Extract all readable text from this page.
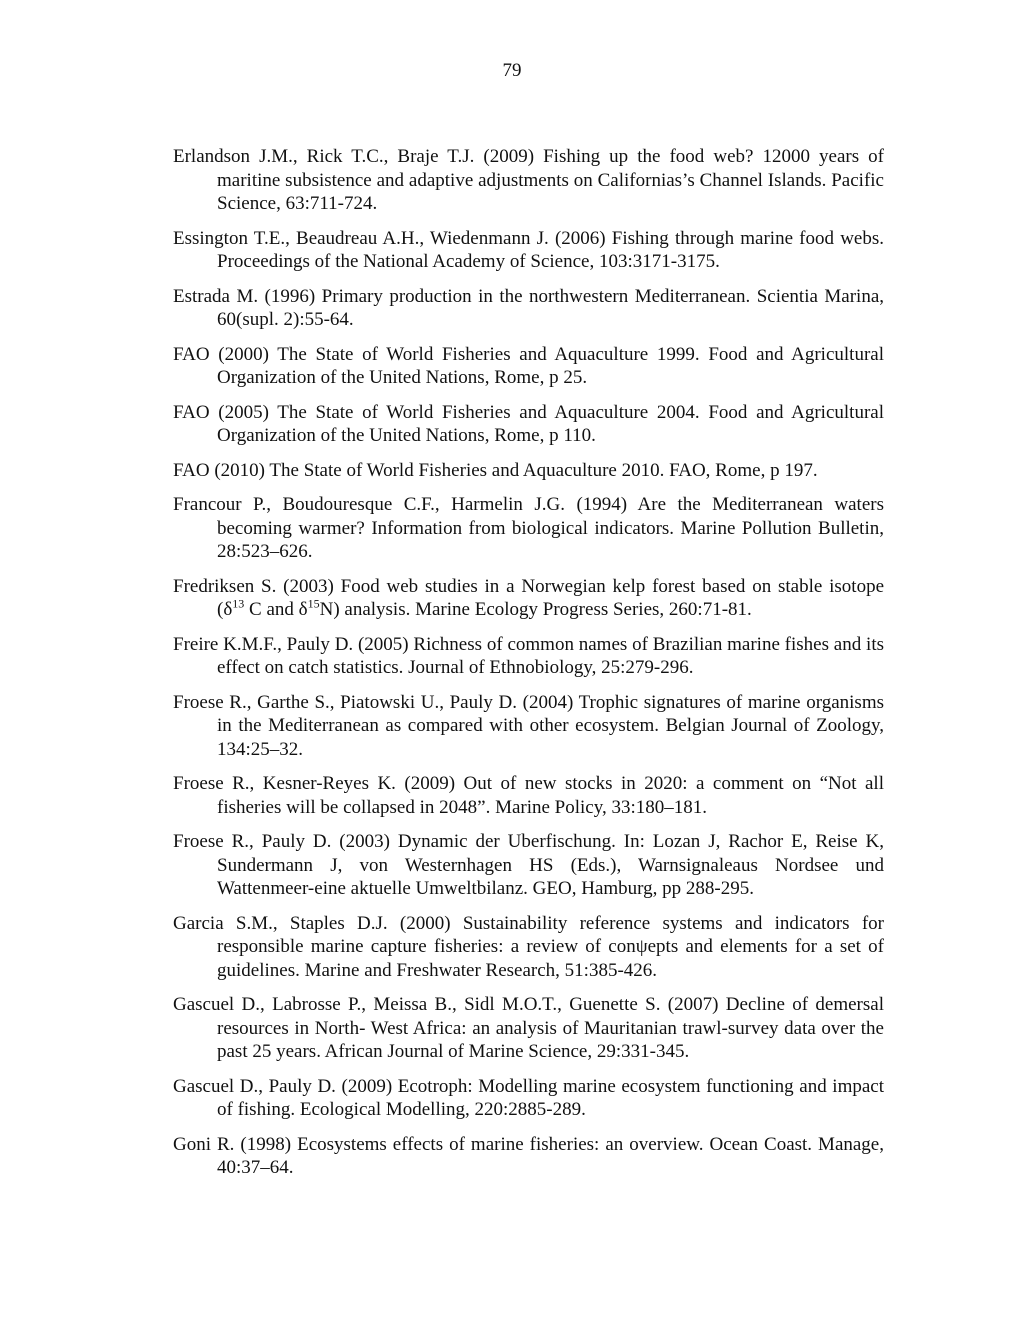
79

Erlandson J.M., Rick T.C., Braje T.J. (2009) Fishing up the food web? 12000 years of maritine subsistence and adaptive adjustments on Californias’s Channel Islands. Pacific Science, 63:711-724.

Essington T.E., Beaudreau A.H., Wiedenmann J. (2006) Fishing through marine food webs. Proceedings of the National Academy of Science, 103:3171-3175.

Estrada M. (1996) Primary production in the northwestern Mediterranean. Scientia Marina, 60(supl. 2):55-64.

FAO (2000) The State of World Fisheries and Aquaculture 1999. Food and Agricultural Organization of the United Nations, Rome, p 25.

FAO (2005) The State of World Fisheries and Aquaculture 2004. Food and Agricultural Organization of the United Nations, Rome, p 110.

FAO (2010) The State of World Fisheries and Aquaculture 2010. FAO, Rome, p 197.

Francour P., Boudouresque C.F., Harmelin J.G. (1994) Are the Mediterranean waters becoming warmer? Information from biological indicators. Marine Pollution Bulletin, 28:523–626.

Fredriksen S. (2003) Food web studies in a Norwegian kelp forest based on stable isotope ($\delta^{13}$ C and $\delta^{15}N$) analysis. Marine Ecology Progress Series, 260:71-81.

Freire K.M.F., Pauly D. (2005) Richness of common names of Brazilian marine fishes and its effect on catch statistics. Journal of Ethnobiology, 25:279-296.

Froese R., Garthe S., Piatowski U., Pauly D. (2004) Trophic signatures of marine organisms in the Mediterranean as compared with other ecosystem. Belgian Journal of Zoology, 134:25–32.

Froese R., Kesner-Reyes K. (2009) Out of new stocks in 2020: a comment on “Not all fisheries will be collapsed in 2048”. Marine Policy, 33:180–181.

Froese R., Pauly D. (2003) Dynamic der Uberfischung. In: Lozan J, Rachor E, Reise K, Sundermann J, von Westernhagen HS (Eds.), Warnsignaleaus Nordsee und Wattenmeer-eine aktuelle Umweltbilanz. GEO, Hamburg, pp 288-295.

Garcia S.M., Staples D.J. (2000) Sustainability reference systems and indicators for responsible marine capture fisheries: a review of conψepts and elements for a set of guidelines. Marine and Freshwater Research, 51:385-426.

Gascuel D., Labrosse P., Meissa B., Sidl M.O.T., Guenette S. (2007) Decline of demersal resources in North- West Africa: an analysis of Mauritanian trawl-survey data over the past 25 years. African Journal of Marine Science, 29:331-345.

Gascuel D., Pauly D. (2009) Ecotroph: Modelling marine ecosystem functioning and impact of fishing. Ecological Modelling, 220:2885-289.

Goni R. (1998) Ecosystems effects of marine fisheries: an overview. Ocean Coast. Manage, 40:37–64.
